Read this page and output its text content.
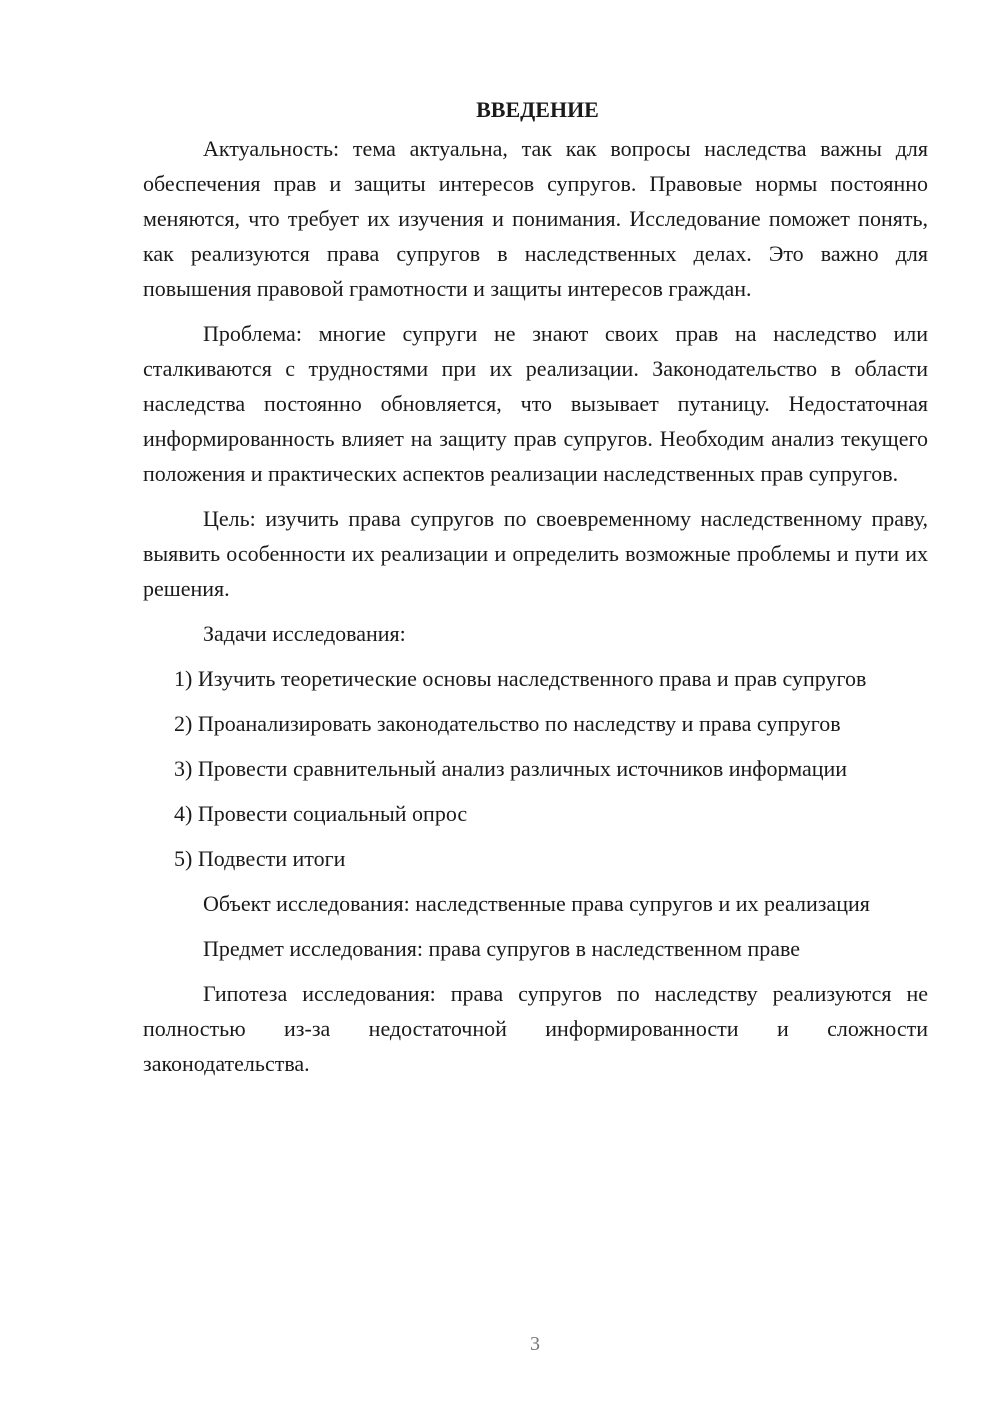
ВВЕДЕНИЕ

Актуальность: тема актуальна, так как вопросы наследства важны для обеспечения прав и защиты интересов супругов. Правовые нормы постоянно меняются, что требует их изучения и понимания. Исследование поможет понять, как реализуются права супругов в наследственных делах. Это важно для повышения правовой грамотности и защиты интересов граждан.

Проблема: многие супруги не знают своих прав на наследство или сталкиваются с трудностями при их реализации. Законодательство в области наследства постоянно обновляется, что вызывает путаницу. Недостаточная информированность влияет на защиту прав супругов. Необходим анализ текущего положения и практических аспектов реализации наследственных прав супругов.

Цель: изучить права супругов по своевременному наследственному праву, выявить особенности их реализации и определить возможные проблемы и пути их решения.

Задачи исследования:

1) Изучить теоретические основы наследственного права и прав супругов

2) Проанализировать законодательство по наследству и права супругов

3) Провести сравнительный анализ различных источников информации

4) Провести социальный опрос

5) Подвести итоги

Объект исследования: наследственные права супругов и их реализация

Предмет исследования: права супругов в наследственном праве

Гипотеза исследования: права супругов по наследству реализуются не полностью из-за недостаточной информированности и сложности законодательства.

3
